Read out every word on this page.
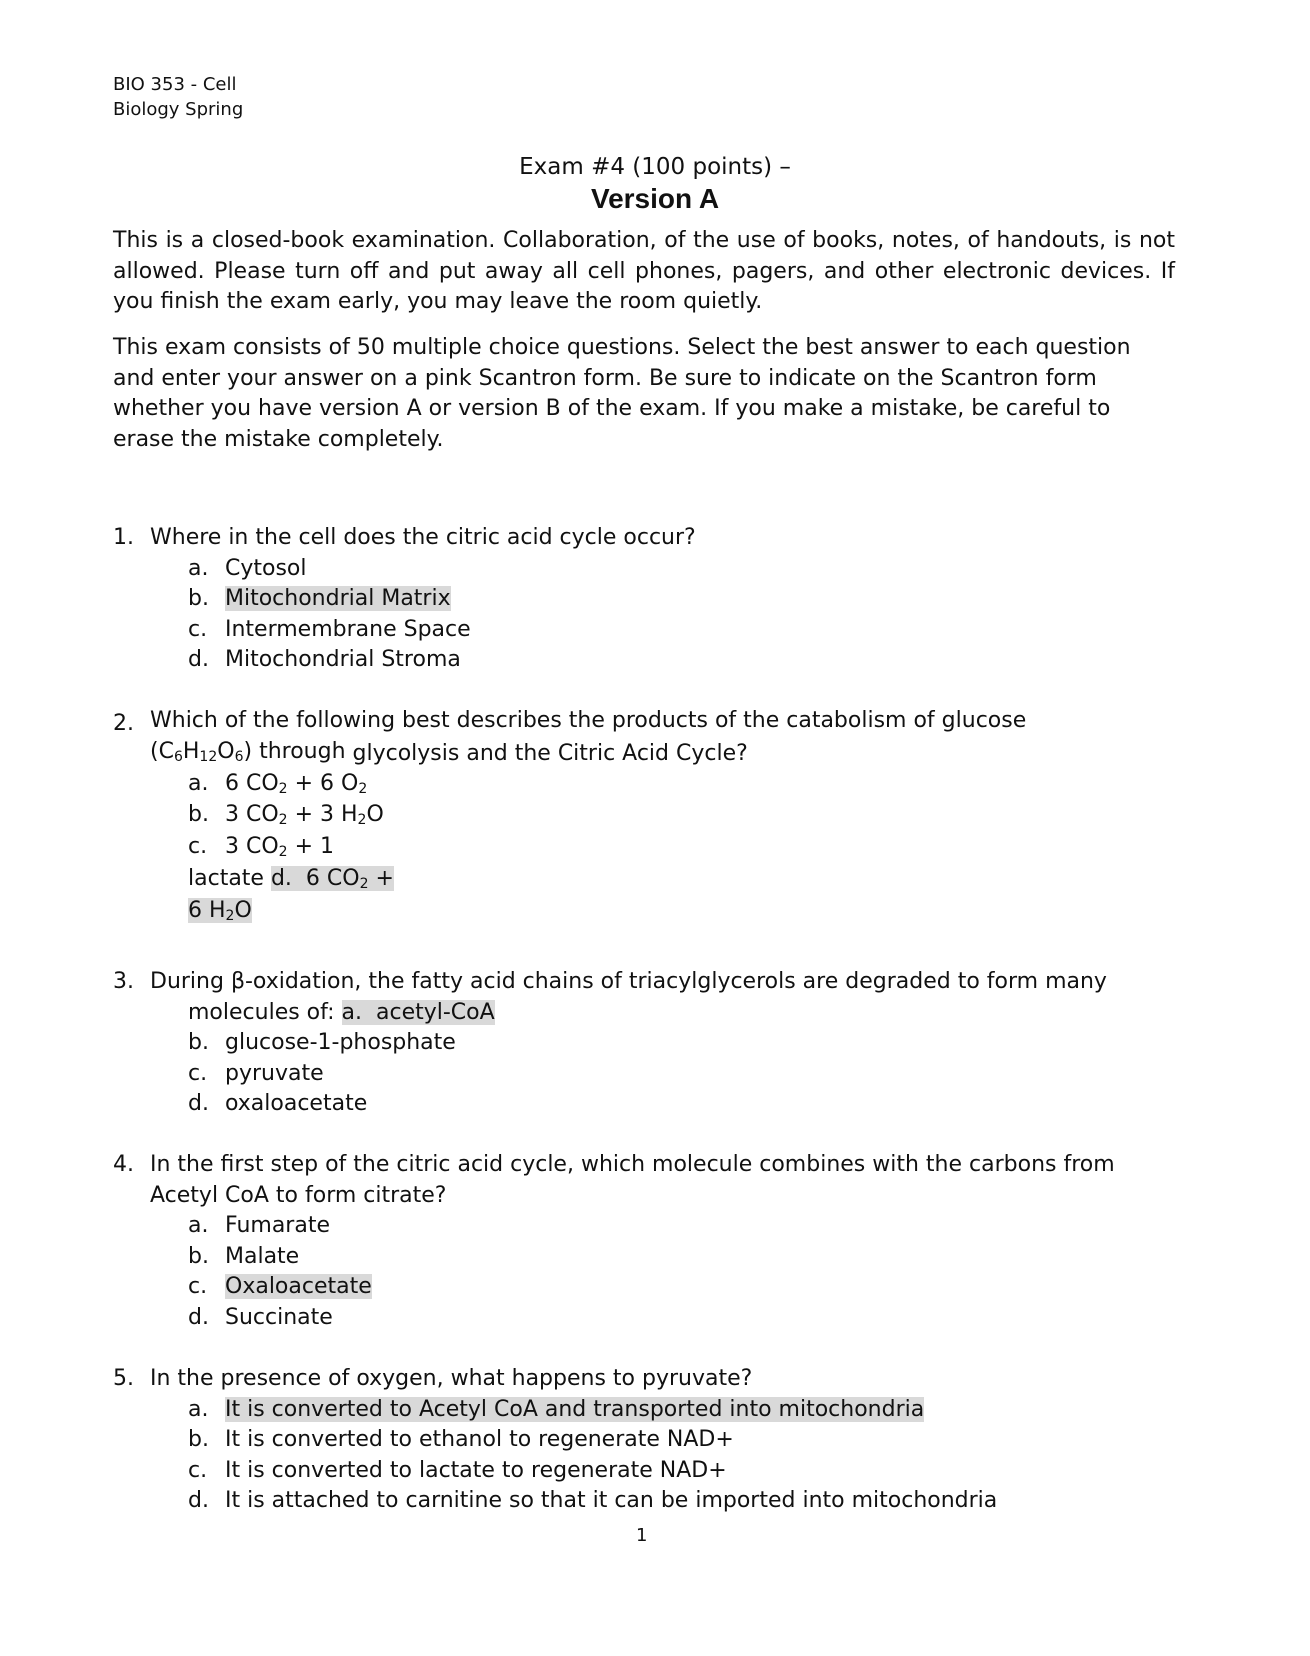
BIO 353 - Cell
Biology Spring
Exam #4 (100 points) –
Version A

This is a closed-book examination. Collaboration, of the use of books, notes, of handouts, is not allowed. Please turn off and put away all cell phones, pagers, and other electronic devices. If you finish the exam early, you may leave the room quietly.

This exam consists of 50 multiple choice questions. Select the best answer to each question
and enter your answer on a pink Scantron form. Be sure to indicate on the Scantron form
whether you have version A or version B of the exam. If you make a mistake, be careful to
erase the mistake completely.
1. Where in the cell does the citric acid cycle occur?
a. Cytosol
b. Mitochondrial Matrix
c. Intermembrane Space
d. Mitochondrial Stroma
2. Which of the following best describes the products of the catabolism of glucose
$(C_6H_{12}O_6)$ through glycolysis and the Citric Acid Cycle?
a. 6 $CO_2 + 6$ $O_2$
b. 3 $CO_2 + 3$ $H_2O$
c. 3 $CO_2 + 1$
lactate d. 6 $CO_2$ +
6 $H_2O$
3. During β-oxidation, the fatty acid chains of triacylglycerols are degraded to form many
molecules of: a. acetyl-CoA
b. glucose-1-phosphate
c. pyruvate
d. oxaloacetate
4. In the first step of the citric acid cycle, which molecule combines with the carbons from
Acetyl CoA to form citrate?
a. Fumarate
b. Malate
c. Oxaloacetate
d. Succinate
5. In the presence of oxygen, what happens to pyruvate?
a. It is converted to Acetyl CoA and transported into mitochondria
b. It is converted to ethanol to regenerate NAD+
c. It is converted to lactate to regenerate NAD+
d. It is attached to carnitine so that it can be imported into mitochondria
1
